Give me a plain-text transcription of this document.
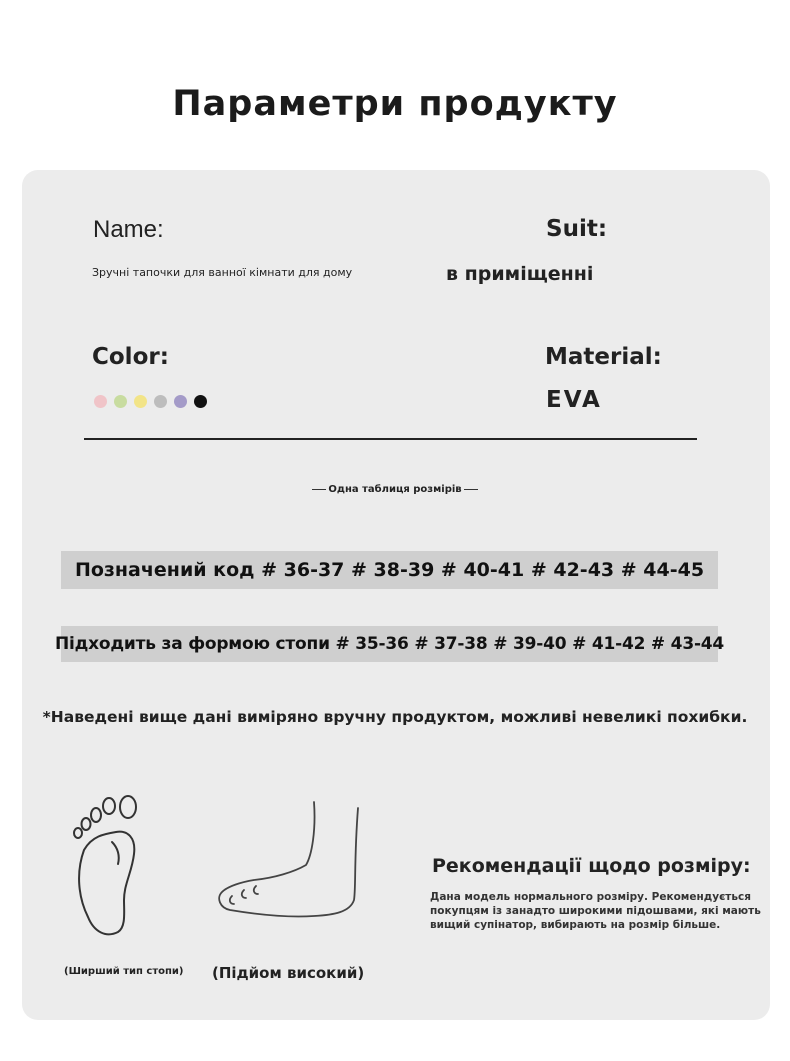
Параметри продукту
Name:
Зручні тапочки для ванної кімнати для дому
Suit:
в приміщенні
Color:	Material:
EVA
Одна таблиця розмірів
Позначений код # 36-37 # 38-39 # 40-41 # 42-43 # 44-45
Підходить за формою стопи # 35-36 # 37-38 # 39-40 # 41-42 # 43-44
*Наведені вище дані виміряно вручну продуктом, можливі невеликі похибки.
Рекомендації щодо розміру:
Дана модель нормального розміру. Рекомендується покупцям із занадто широкими підошвами, які мають вищий супінатор, вибирають на розмір більше.
(Ширший тип стопи) (Підйом високий)
